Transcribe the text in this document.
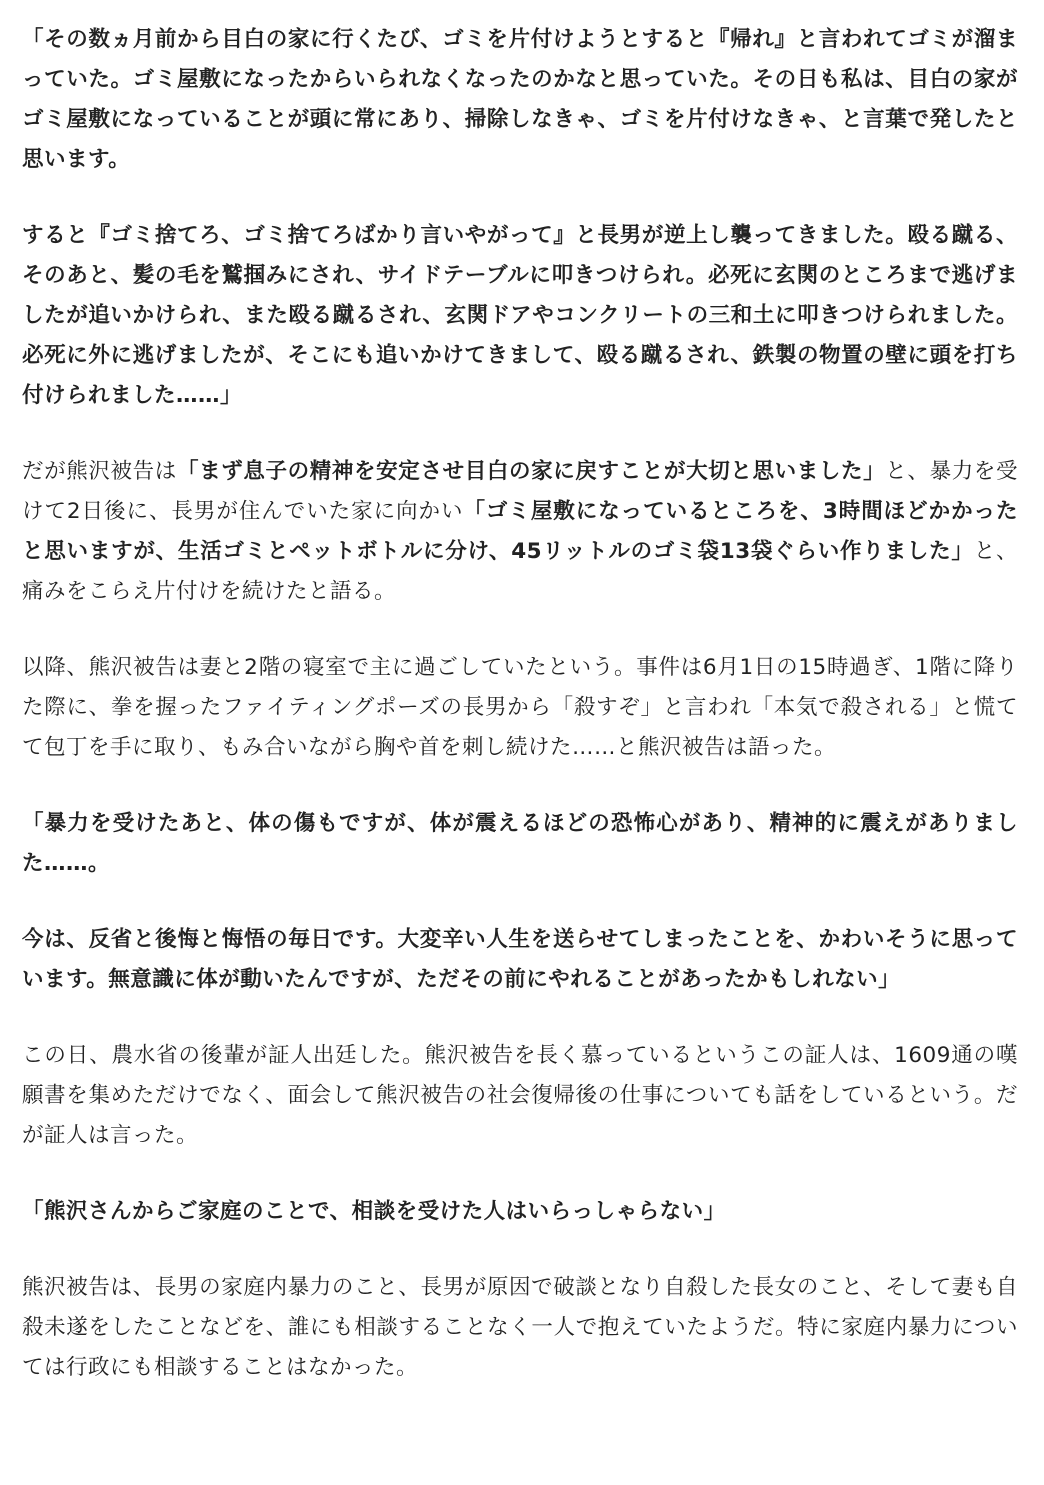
「その数ヵ月前から目白の家に行くたび、ゴミを片付けようとすると『帰れ』と言われてゴミが溜まっていた。ゴミ屋敷になったからいられなくなったのかなと思っていた。その日も私は、目白の家がゴミ屋敷になっていることが頭に常にあり、掃除しなきゃ、ゴミを片付けなきゃ、と言葉で発したと思います。

すると『ゴミ捨てろ、ゴミ捨てろばかり言いやがって』と長男が逆上し襲ってきました。殴る蹴る、そのあと、髪の毛を鷲掴みにされ、サイドテーブルに叩きつけられ。必死に玄関のところまで逃げましたが追いかけられ、また殴る蹴るされ、玄関ドアやコンクリートの三和土に叩きつけられました。必死に外に逃げましたが、そこにも追いかけてきまして、殴る蹴るされ、鉄製の物置の壁に頭を打ち付けられました……」

だが熊沢被告は「まず息子の精神を安定させ目白の家に戻すことが大切と思いました」と、暴力を受けて2日後に、長男が住んでいた家に向かい「ゴミ屋敷になっているところを、3時間ほどかかったと思いますが、生活ゴミとペットボトルに分け、45リットルのゴミ袋13袋ぐらい作りました」と、痛みをこらえ片付けを続けたと語る。

以降、熊沢被告は妻と2階の寝室で主に過ごしていたという。事件は6月1日の15時過ぎ、1階に降りた際に、拳を握ったファイティングポーズの長男から「殺すぞ」と言われ「本気で殺される」と慌てて包丁を手に取り、もみ合いながら胸や首を刺し続けた……と熊沢被告は語った。

「暴力を受けたあと、体の傷もですが、体が震えるほどの恐怖心があり、精神的に震えがありました……。

今は、反省と後悔と悔悟の毎日です。大変辛い人生を送らせてしまったことを、かわいそうに思っています。無意識に体が動いたんですが、ただその前にやれることがあったかもしれない」

この日、農水省の後輩が証人出廷した。熊沢被告を長く慕っているというこの証人は、1609通の嘆願書を集めただけでなく、面会して熊沢被告の社会復帰後の仕事についても話をしているという。だが証人は言った。

「熊沢さんからご家庭のことで、相談を受けた人はいらっしゃらない」

熊沢被告は、長男の家庭内暴力のこと、長男が原因で破談となり自殺した長女のこと、そして妻も自殺未遂をしたことなどを、誰にも相談することなく一人で抱えていたようだ。特に家庭内暴力については行政にも相談することはなかった。
